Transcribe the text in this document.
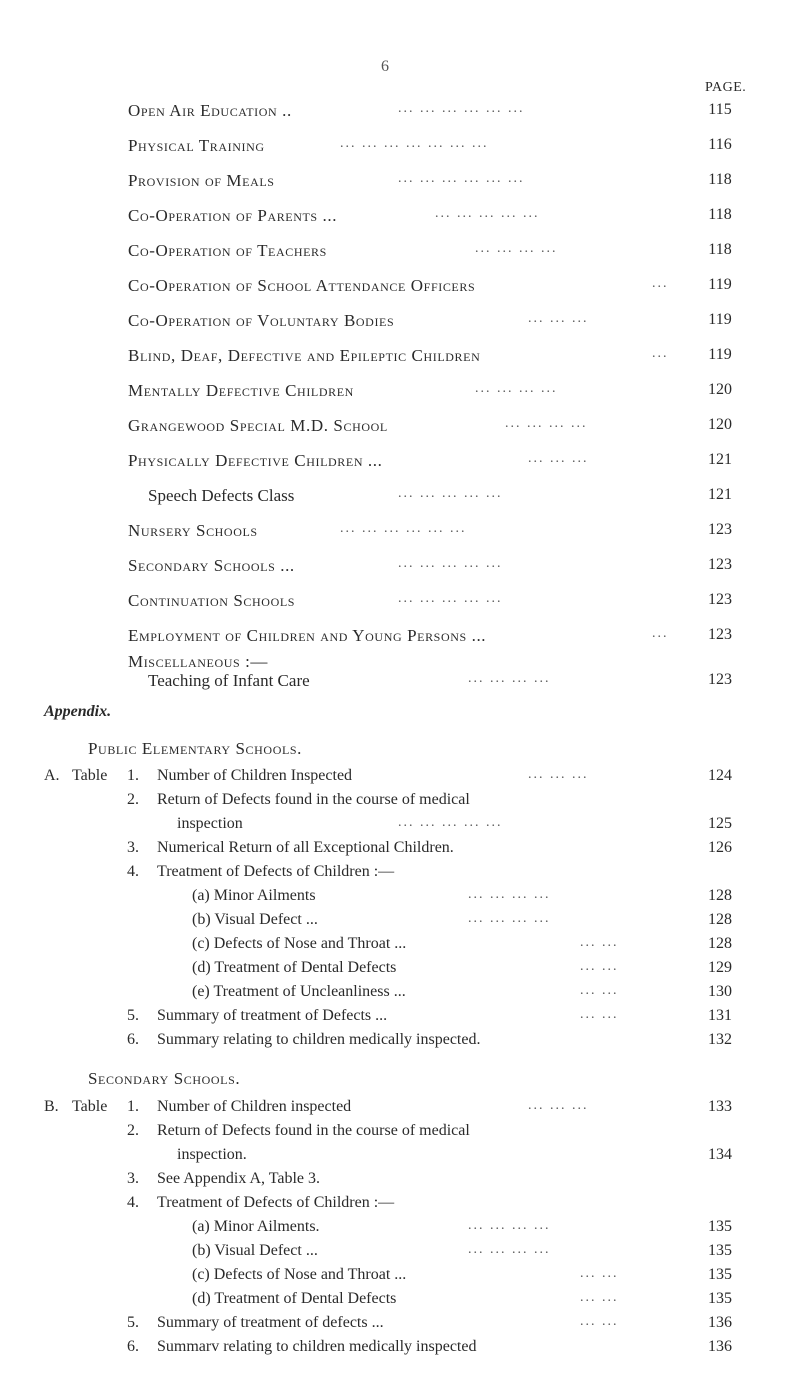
6
PAGE.
Open Air Education ..	... ... ... ... ... ...	115
Physical Training	... ... ... ... ... ... ...	116
Provision of Meals	... ... ... ... ... ...	118
Co-Operation of Parents ...	... ... ... ... ...	118
Co-Operation of Teachers	... ... ... ...	118
Co-Operation of School Attendance Officers	...	119
Co-Operation of Voluntary Bodies	... ... ...	119
Blind, Deaf, Defective and Epileptic Children	...	119
Mentally Defective Children	... ... ... ...	120
Grangewood Special M.D. School	... ... ... ...	120
Physically Defective Children ...	... ... ...	121
Speech Defects Class	... ... ... ... ...	121
Nursery Schools	... ... ... ... ... ...	123
Secondary Schools ...	... ... ... ... ...	123
Continuation Schools	... ... ... ... ...	123
Employment of Children and Young Persons ...	...	123
Miscellaneous :—
Teaching of Infant Care	... ... ... ...	123
Appendix.
Public Elementary Schools.
A. Table 1. Number of Children Inspected	... ... ...	124
2. Return of Defects found in the course of medical
inspection	... ... ... ... ...	125
3. Numerical Return of all Exceptional Children.	126
4. Treatment of Defects of Children :—
(a) Minor Ailments	... ... ... ...	128
(b) Visual Defect ...	... ... ... ...	128
(c) Defects of Nose and Throat ...	... ...	128
(d) Treatment of Dental Defects	... ...	129
(e) Treatment of Uncleanliness ...	... ...	130
5. Summary of treatment of Defects ...	... ...	131
6. Summary relating to children medically inspected.	132
Secondary Schools.
B. Table 1. Number of Children inspected	... ... ...	133
2. Return of Defects found in the course of medical
inspection.	134
3. See Appendix A, Table 3.
4. Treatment of Defects of Children :—
(a) Minor Ailments.	... ... ... ...	135
(b) Visual Defect ...	... ... ... ...	135
(c) Defects of Nose and Throat ...	... ...	135
(d) Treatment of Dental Defects	... ...	135
5. Summary of treatment of defects ...	... ...	136
6. Summarv relating to children medically inspected	136
